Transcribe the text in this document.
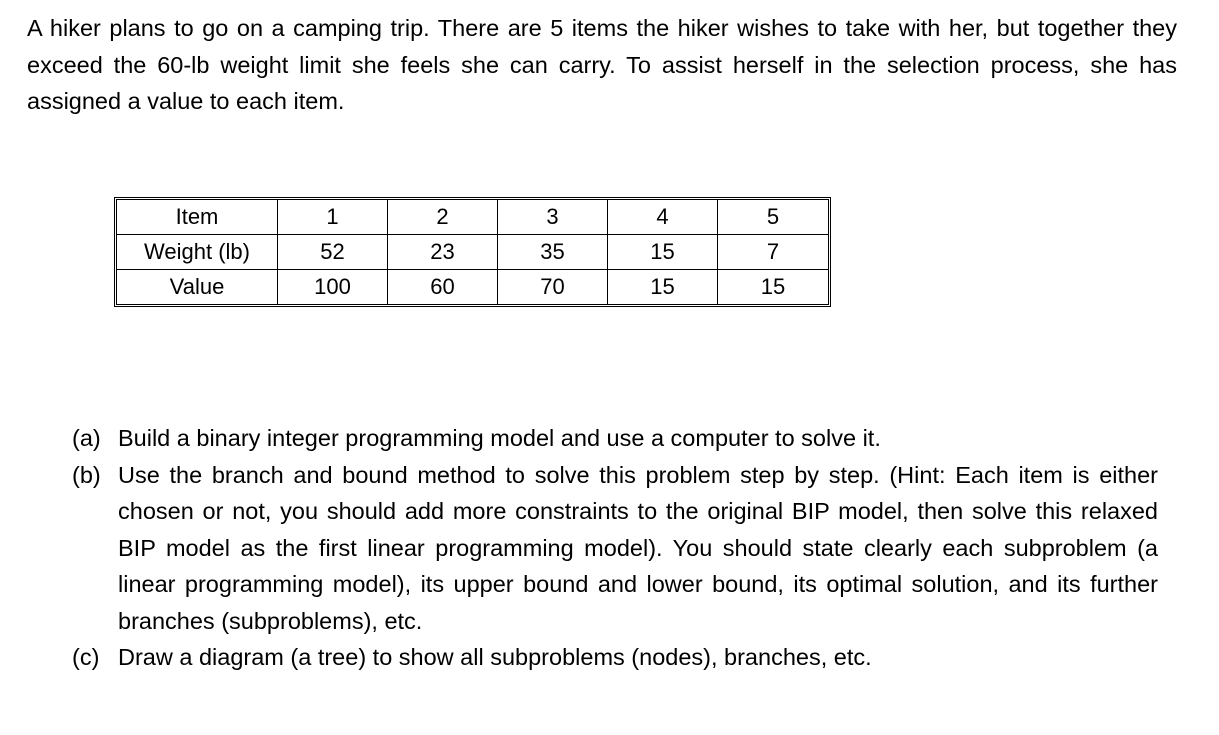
A hiker plans to go on a camping trip. There are 5 items the hiker wishes to take with her, but together they exceed the 60-lb weight limit she feels she can carry. To assist herself in the selection process, she has assigned a value to each item.

Item	1	2	3	4	5
Weight (lb)	52	23	35	15	7
Value	100	60	70	15	15
(a) Build a binary integer programming model and use a computer to solve it.
(b) Use the branch and bound method to solve this problem step by step. (Hint: Each item is either chosen or not, you should add more constraints to the original BIP model, then solve this relaxed BIP model as the first linear programming model). You should state clearly each subproblem (a linear programming model), its upper bound and lower bound, its optimal solution, and its further branches (subproblems), etc.
(c) Draw a diagram (a tree) to show all subproblems (nodes), branches, etc.
